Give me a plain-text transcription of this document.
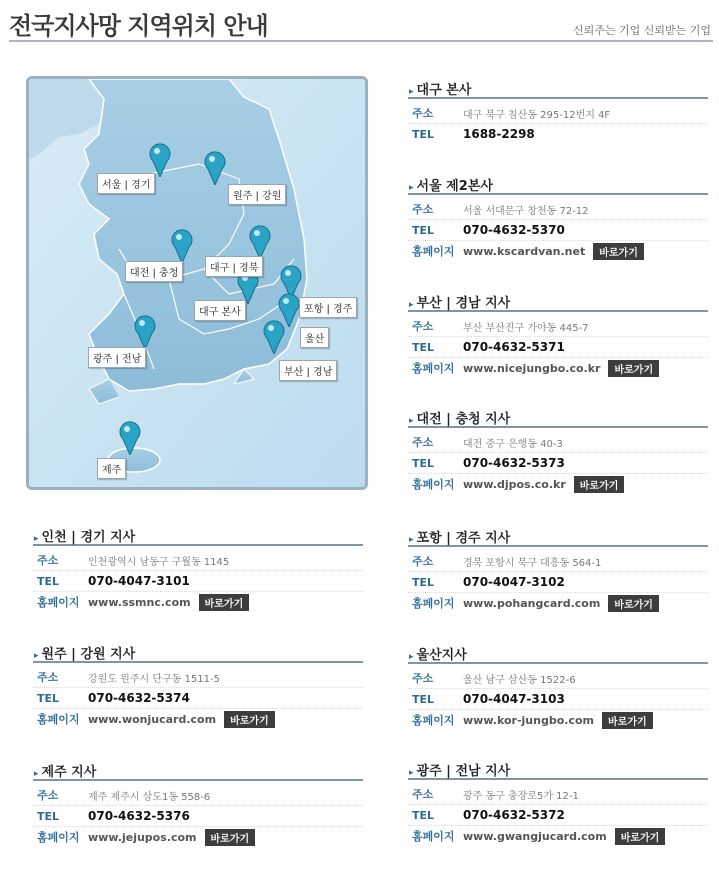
전국지사망 지역위치 안내	신뢰주는 기업 신뢰받는 기업
서울 | 경기
원주 | 강원
대전 | 충청	대구 | 경북
대구 본사	포항 | 경주
울산
광주 | 전남
부산 | 경남
제주
▸ 대구 본사
주소	대구 북구 침산동 295-12번지 4F
TEL	1688-2298
▸ 서울 제2본사
주소	서울 서대문구 창천동 72-12
TEL	070-4632-5370
홈페이지 www.kscardvan.net	바로가기
▸ 부산 | 경남 지사
주소	부산 부산진구 가야동 445-7
TEL	070-4632-5371
홈페이지 www.nicejungbo.co.kr	바로가기
▸ 대전 | 충청 지사
주소	대전 중구 은행동 40-3
TEL	070-4632-5373
홈페이지 www.djpos.co.kr	바로가기
▸ 포항 | 경주 지사
주소	경북 포항시 북구 대흥동 564-1
TEL	070-4047-3102
홈페이지 www.pohangcard.com	바로가기
▸ 울산지사
주소	울산 남구 삼산동 1522-6
TEL	070-4047-3103
홈페이지 www.kor-jungbo.com	바로가기
▸ 광주 | 전남 지사
주소	광주 동구 충장로5가 12-1
TEL	070-4632-5372
홈페이지 www.gwangjucard.com	바로가기
▸ 인천 | 경기 지사
주소	인천광역시 남동구 구월동 1145
TEL	070-4047-3101
홈페이지 www.ssmnc.com	바로가기
▸ 원주 | 강원 지사
주소	강원도 원주시 단구동 1511-5
TEL	070-4632-5374
홈페이지 www.wonjucard.com	바로가기
▸ 제주 지사
주소	제주 제주시 삼도1동 558-6
TEL	070-4632-5376
홈페이지 www.jejupos.com	바로가기
